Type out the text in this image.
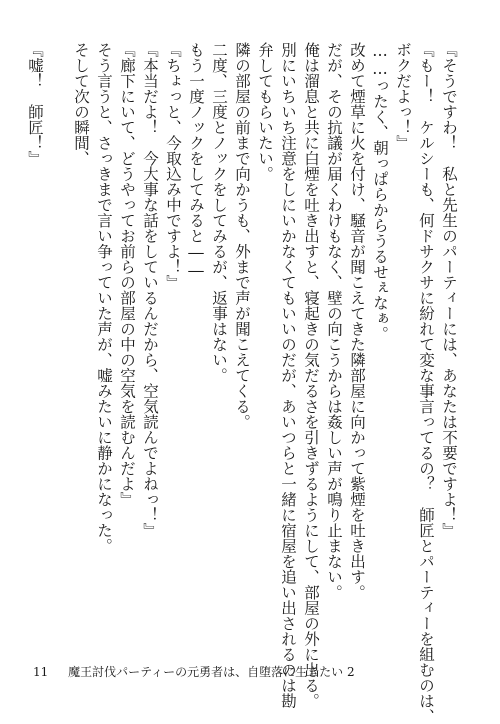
『そうですわ！　私と先生のパーティーには、あなたは不要ですよ！』
『もー！　ケルシーも、何ドサクサに紛れて変な事言ってるの？　師匠とパーティーを組むのは、
ボクだよっ！』
……ったく、朝っぱらからうるせぇなぁ。
改めて煙草に火を付け、騒音が聞こえてきた隣部屋に向かって紫煙を吐き出す。
だが、その抗議が届くわけもなく、壁の向こうからは姦しい声が鳴り止まない。
俺は溜息と共に白煙を吐き出すと、寝起きの気だるさを引きずるようにして、部屋の外に出る。
別にいちいち注意をしにいかなくてもいいのだが、あいつらと一緒に宿屋を追い出されるのは勘
弁してもらいたい。
隣の部屋の前まで向かうも、外まで声が聞こえてくる。
二度、三度とノックをしてみるが、返事はない。
もう一度ノックをしてみると――
『ちょっと、今取込み中ですよ！』
『本当だよ！　今大事な話をしているんだから、空気読んでよねっ！』
『廊下にいて、どうやってお前らの部屋の中の空気を読むんだよ』
そう言うと、さっきまで言い争っていた声が、嘘みたいに静かになった。
そして次の瞬間、
『嘘！　師匠！』
11 魔王討伐パーティーの元勇者は、自堕落に生きたい 2
